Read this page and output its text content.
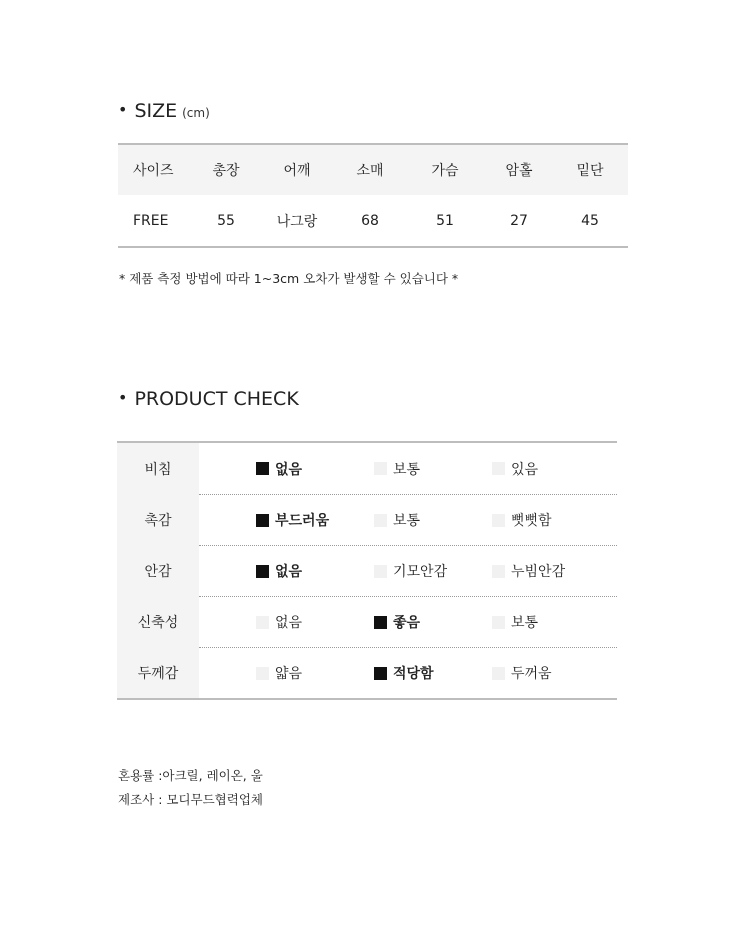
• SIZE (cm)
사이즈	총장	어깨	소매	가슴	암홀	밑단
FREE	55	나그랑	68	51	27	45
* 제품 측정 방법에 따라 1~3cm 오차가 발생할 수 있습니다 *
• PRODUCT CHECK
비침	없음	보통	있음
촉감	부드러움	보통	뻣뻣함
안감	없음	기모안감	누빔안감
신축성	없음	좋음	보통
두께감	얇음	적당함	두꺼움
혼용률 :아크릴, 레이온, 울
제조사 : 모디무드협력업체
